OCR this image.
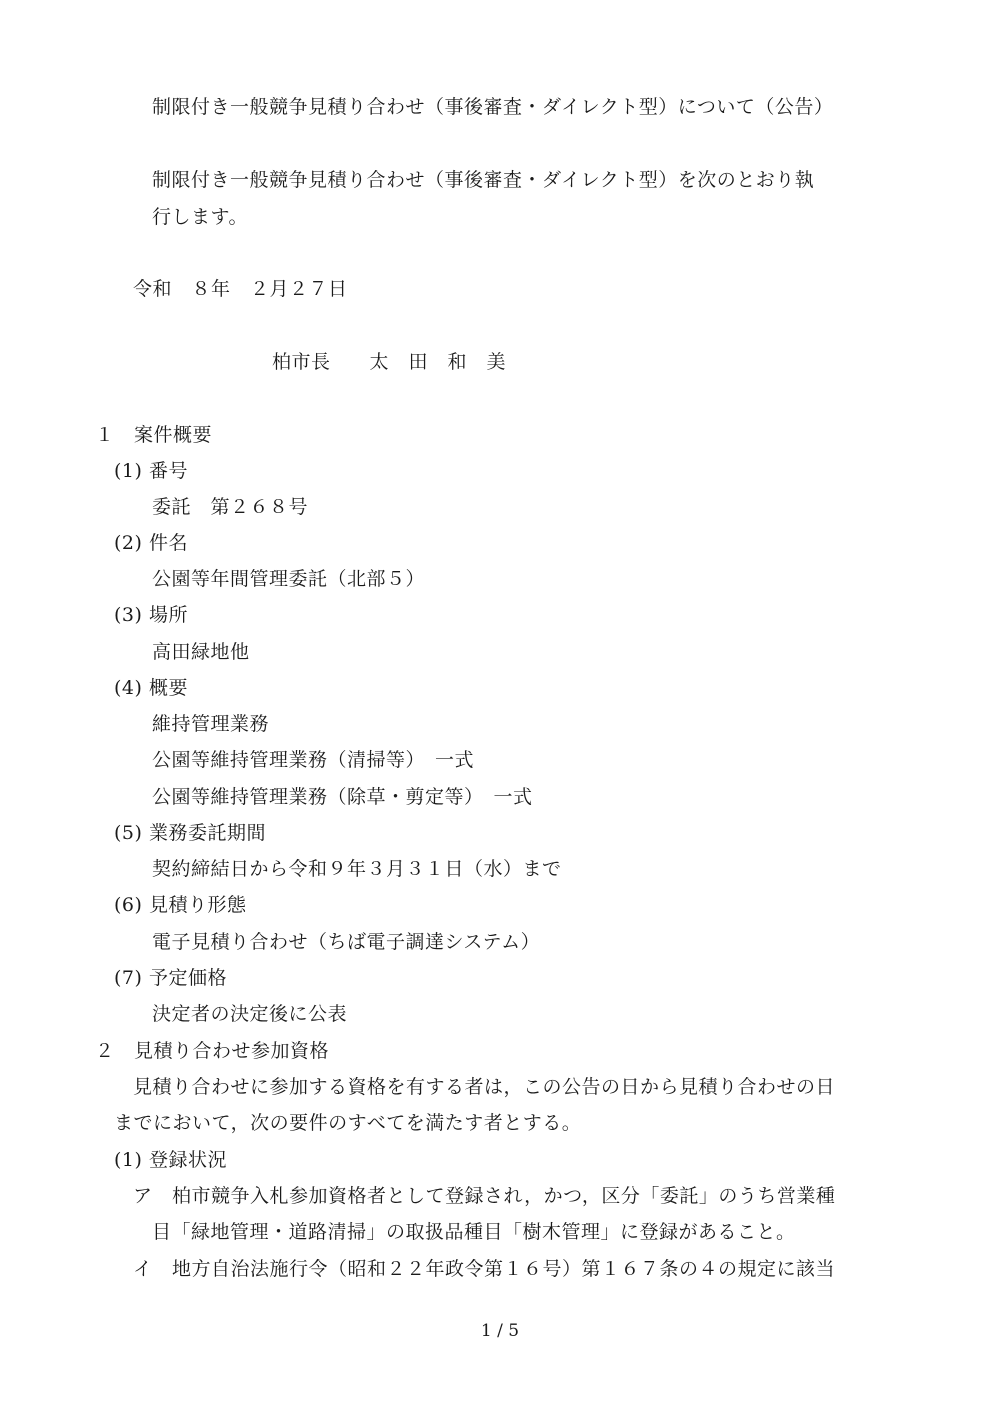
制限付き一般競争見積り合わせ（事後審査・ダイレクト型）について（公告）
制限付き一般競争見積り合わせ（事後審査・ダイレクト型）を次のとおり執
行します。
令和　８年　２月２７日
柏市長　　太　田　和　美
１　案件概要
(1) 番号
委託　第２６８号
(2) 件名
公園等年間管理委託（北部５）
(3) 場所
高田緑地他
(4) 概要
維持管理業務
公園等維持管理業務（清掃等）　一式
公園等維持管理業務（除草・剪定等）　一式
(5) 業務委託期間
契約締結日から令和９年３月３１日（水）まで
(6) 見積り形態
電子見積り合わせ（ちば電子調達システム）
(7) 予定価格
決定者の決定後に公表
２　見積り合わせ参加資格
見積り合わせに参加する資格を有する者は，この公告の日から見積り合わせの日
までにおいて，次の要件のすべてを満たす者とする。
(1) 登録状況
ア　柏市競争入札参加資格者として登録され，かつ，区分「委託」のうち営業種
目「緑地管理・道路清掃」の取扱品種目「樹木管理」に登録があること。
イ　地方自治法施行令（昭和２２年政令第１６号）第１６７条の４の規定に該当
1 / 5
